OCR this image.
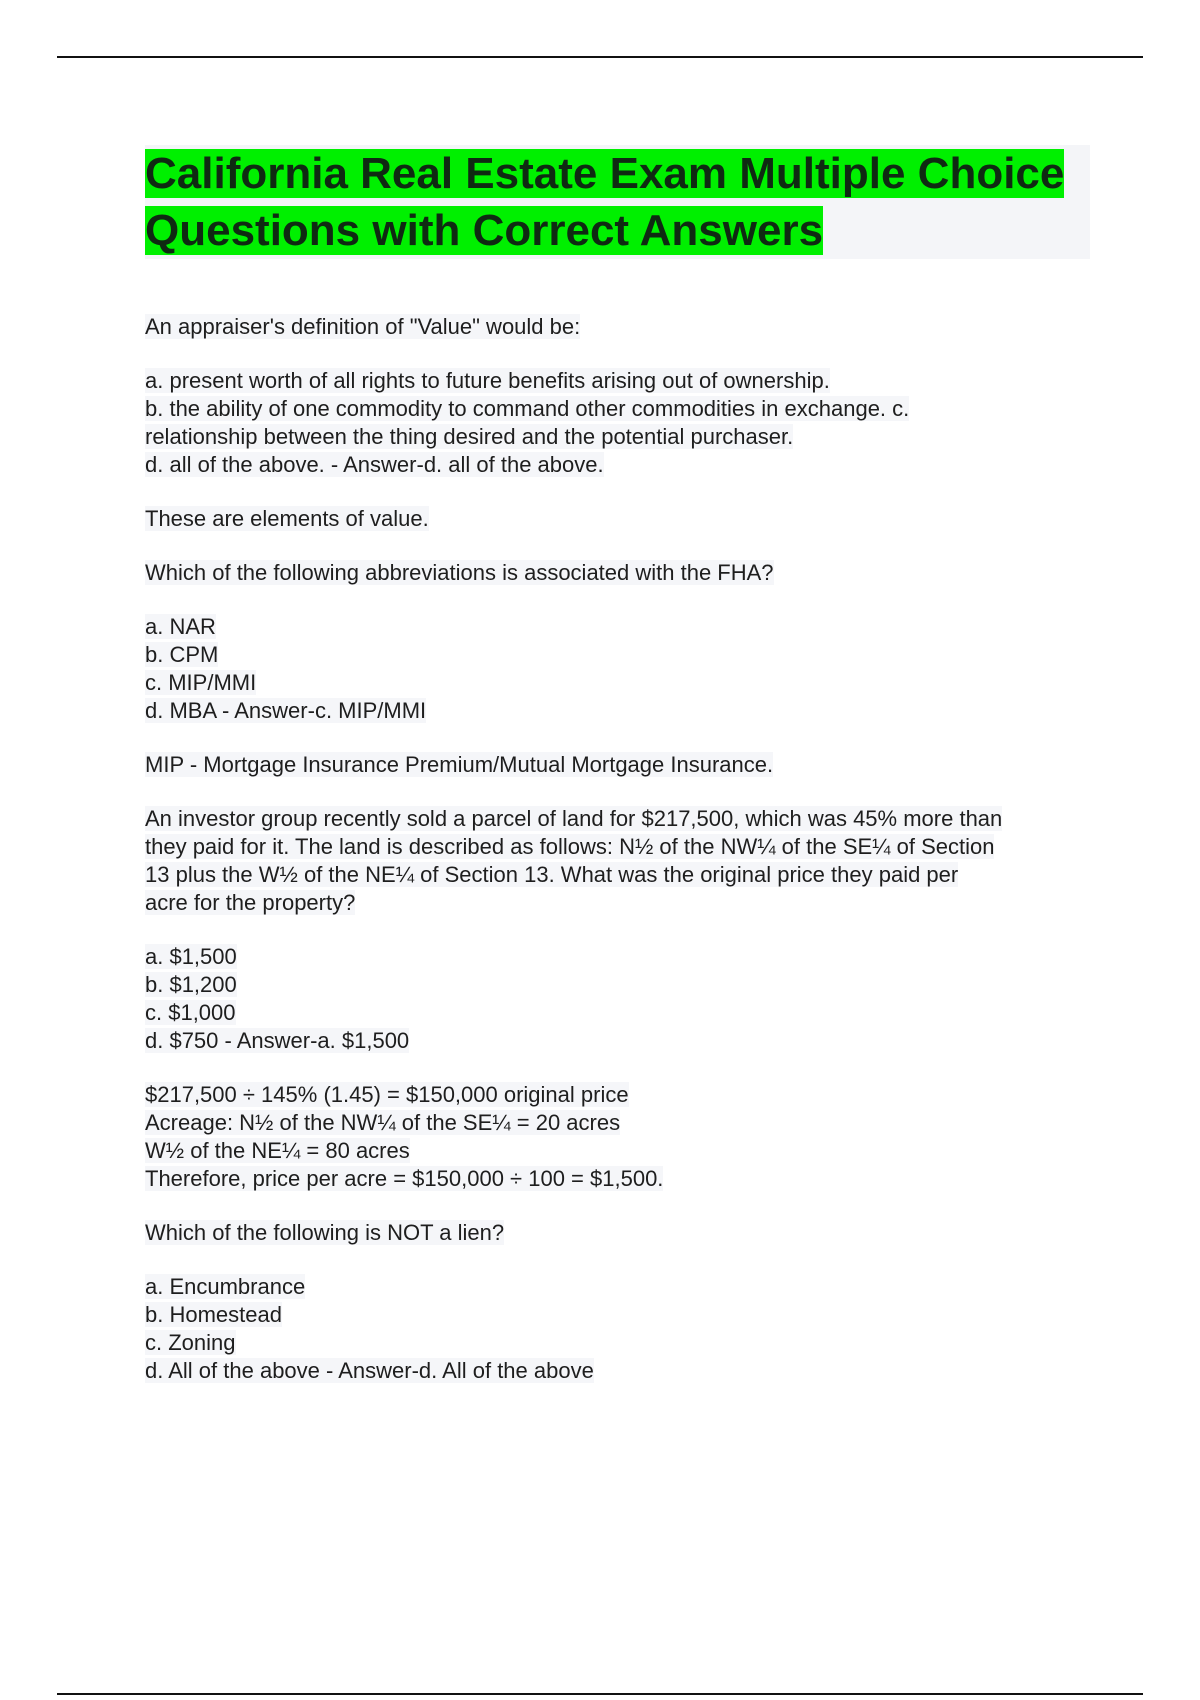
California Real Estate Exam Multiple Choice Questions with Correct Answers
An appraiser's definition of "Value" would be:
a. present worth of all rights to future benefits arising out of ownership.
b. the ability of one commodity to command other commodities in exchange. c.
relationship between the thing desired and the potential purchaser.
d. all of the above. - Answer-d. all of the above.
These are elements of value.
Which of the following abbreviations is associated with the FHA?
a. NAR
b. CPM
c. MIP/MMI
d. MBA - Answer-c. MIP/MMI
MIP - Mortgage Insurance Premium/Mutual Mortgage Insurance.
An investor group recently sold a parcel of land for $217,500, which was 45% more than
they paid for it. The land is described as follows: N½ of the NW¼ of the SE¼ of Section
13 plus the W½ of the NE¼ of Section 13. What was the original price they paid per
acre for the property?
a. $1,500
b. $1,200
c. $1,000
d. $750 - Answer-a. $1,500
$217,500 ÷ 145% (1.45) = $150,000 original price
Acreage: N½ of the NW¼ of the SE¼ = 20 acres
W½ of the NE¼ = 80 acres
Therefore, price per acre = $150,000 ÷ 100 = $1,500.
Which of the following is NOT a lien?
a. Encumbrance
b. Homestead
c. Zoning
d. All of the above - Answer-d. All of the above
